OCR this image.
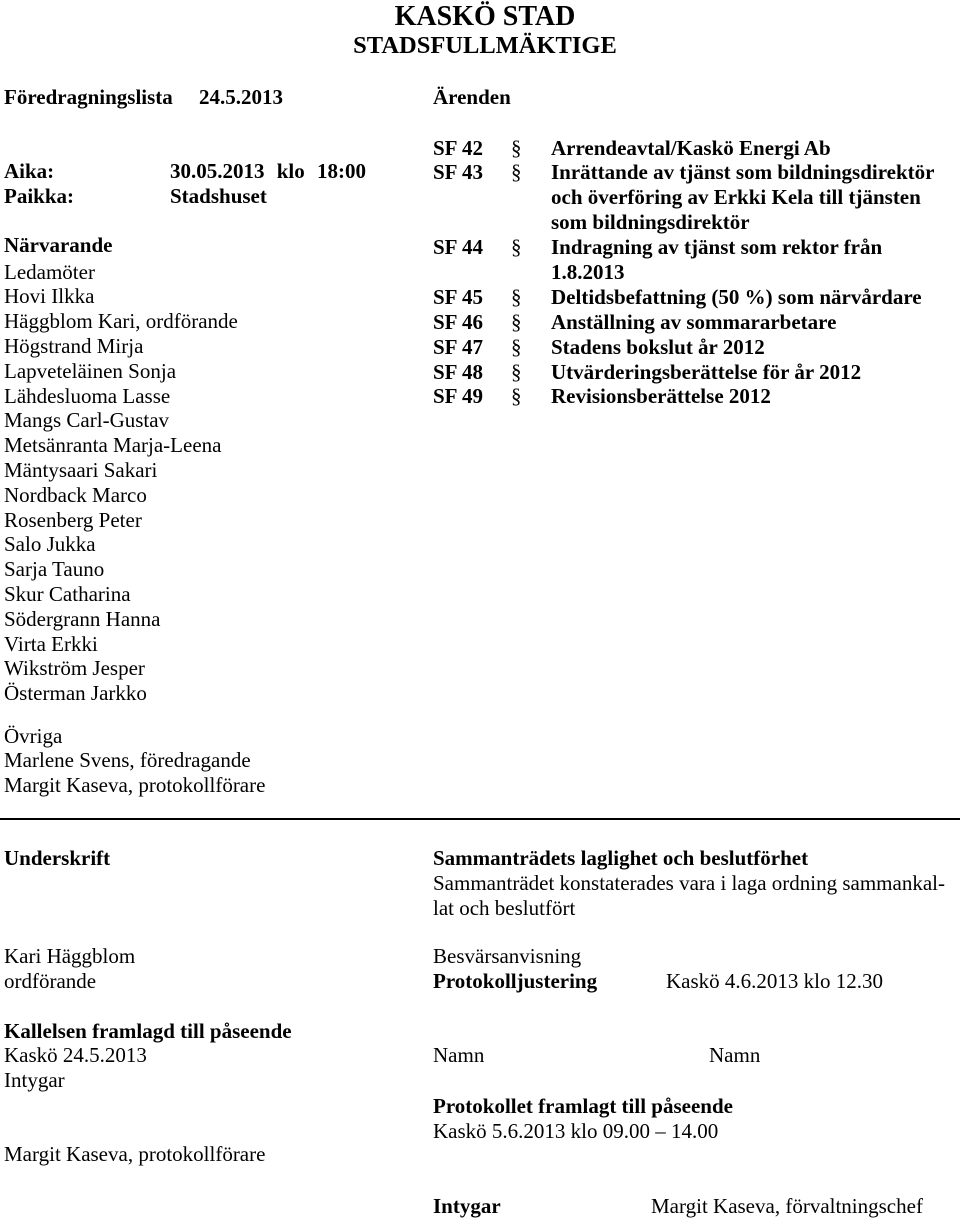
KASKÖ STAD
STADSFULLMÄKTIGE
Föredragningslista 24.5.2013	Ärenden
Aika:	30.05.2013 klo 18:00
Paikka:	Stadshuset
Närvarande
Ledamöter
Hovi Ilkka
Häggblom Kari, ordförande
Högstrand Mirja
Lapveteläinen Sonja
Lähdesluoma Lasse
Mangs Carl-Gustav
Metsänranta Marja-Leena
Mäntysaari Sakari
Nordback Marco
Rosenberg Peter
Salo Jukka
Sarja Tauno
Skur Catharina
Södergrann Hanna
Virta Erkki
Wikström Jesper
Österman Jarkko
Övriga
Marlene Svens, föredragande
Margit Kaseva, protokollförare
SF 42 § Arrendeavtal/Kaskö Energi Ab
SF 43 § Inrättande av tjänst som bildningsdirektör
och överföring av Erkki Kela till tjänsten
som bildningsdirektör
SF 44 § Indragning av tjänst som rektor från
1.8.2013
SF 45 § Deltidsbefattning (50 %) som närvårdare
SF 46 § Anställning av sommararbetare
SF 47 § Stadens bokslut år 2012
SF 48 § Utvärderingsberättelse för år 2012
SF 49 § Revisionsberättelse 2012
Underskrift
Kari Häggblom
ordförande
Kallelsen framlagd till påseende
Kaskö 24.5.2013
Intygar
Margit Kaseva, protokollförare
Sammanträdets laglighet och beslutförhet
Sammanträdet konstaterades vara i laga ordning sammankal-
lat och beslutfört
Besvärsanvisning
Protokolljustering	Kaskö 4.6.2013 klo 12.30
Namn	Namn
Protokollet framlagt till påseende
Kaskö 5.6.2013 klo 09.00 – 14.00
Intygar	Margit Kaseva, förvaltningschef
